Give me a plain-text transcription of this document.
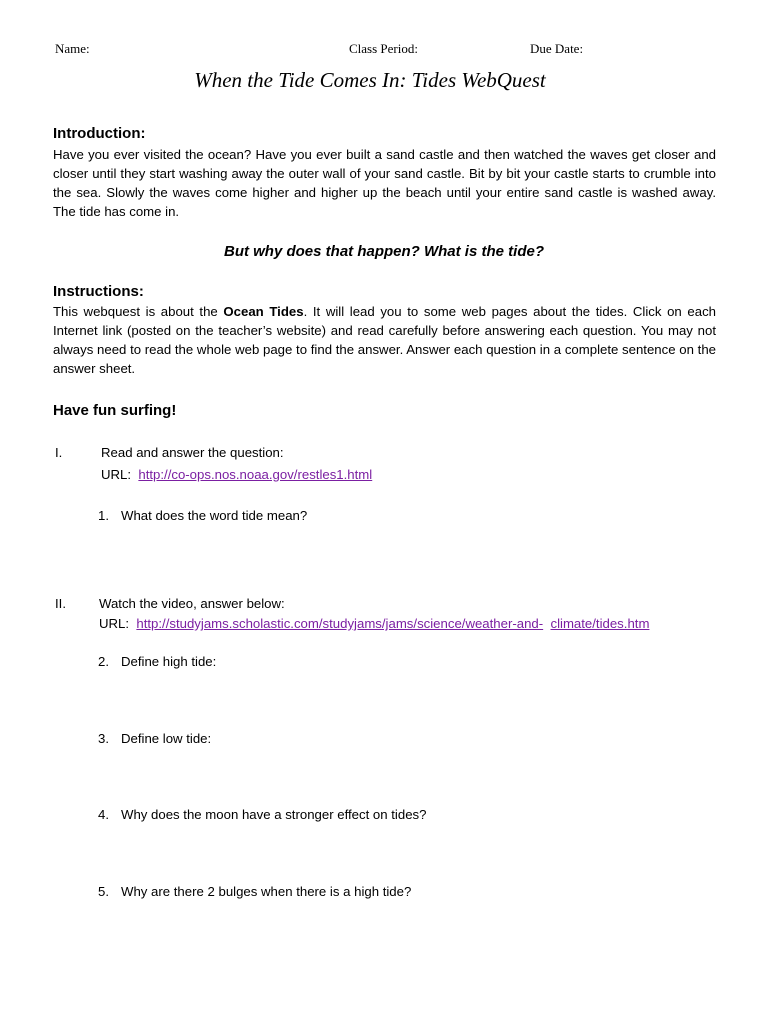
Name:	Class Period:	Due Date:
When the Tide Comes In: Tides WebQuest
Introduction:
Have you ever visited the ocean? Have you ever built a sand castle and then watched the waves get closer and closer until they start washing away the outer wall of your sand castle. Bit by bit your castle starts to crumble into the sea. Slowly the waves come higher and higher up the beach until your entire sand castle is washed away. The tide has come in.
But why does that happen? What is the tide?
Instructions:
This webquest is about the Ocean Tides. It will lead you to some web pages about the tides. Click on each Internet link (posted on the teacher’s website) and read carefully before answering each question. You may not always need to read the whole web page to find the answer. Answer each question in a complete sentence on the answer sheet.
Have fun surfing!
I.	Read and answer the question:
URL: http://co-ops.nos.noaa.gov/restles1.html
1. What does the word tide mean?
II.	Watch the video, answer below:
URL: http://studyjams.scholastic.com/studyjams/jams/science/weather-and- climate/tides.htm
2. Define high tide:
3. Define low tide:
4. Why does the moon have a stronger effect on tides?
5. Why are there 2 bulges when there is a high tide?
